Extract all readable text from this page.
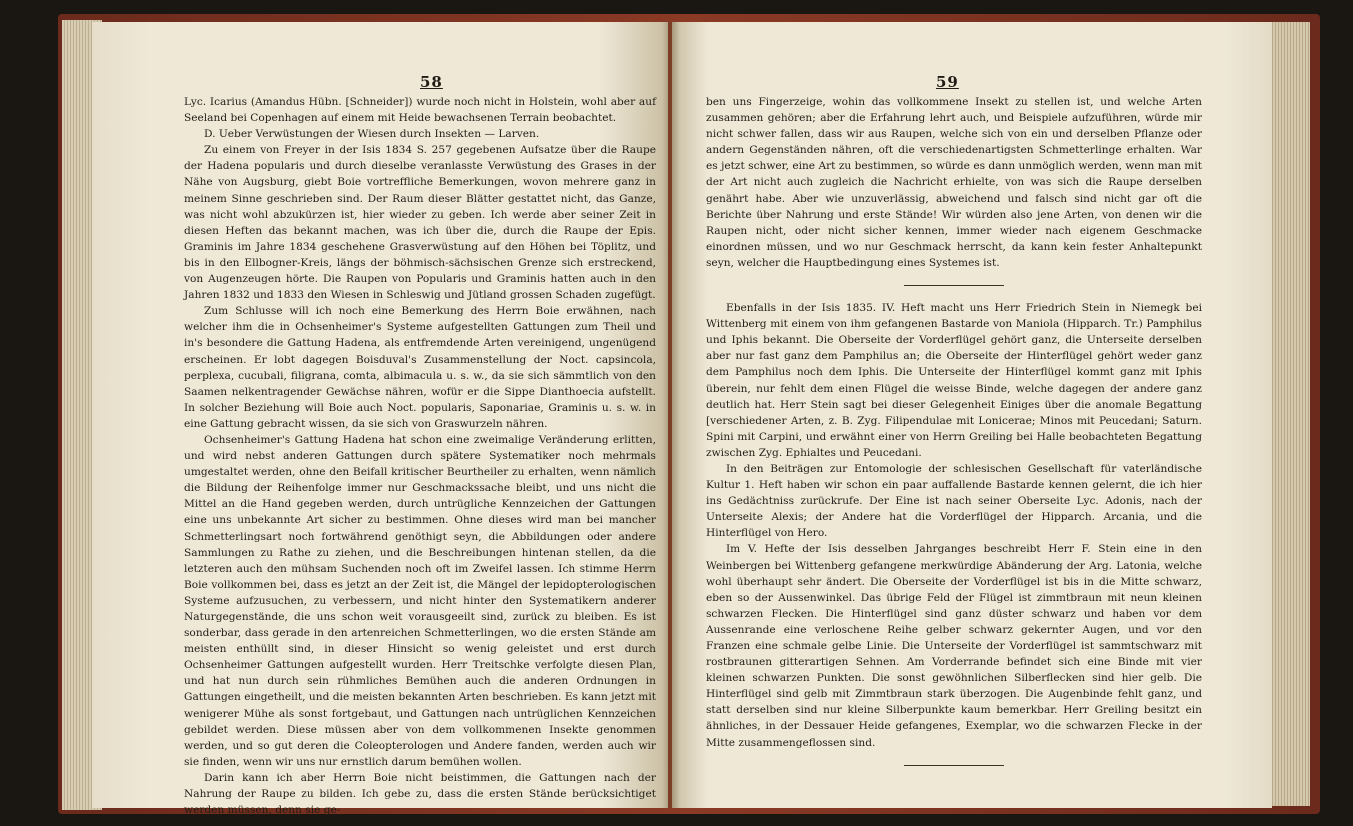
58

Lyc. Icarius (Amandus Hübn. [Schneider]) wurde noch nicht in Holstein, wohl aber auf Seeland bei Copenhagen auf einem mit Heide bewachsenen Terrain beobachtet.

D. Ueber Verwüstungen der Wiesen durch Insekten — Larven.

Zu einem von Freyer in der Isis 1834 S. 257 gegebenen Aufsatze über die Raupe der Hadena popularis und durch dieselbe veranlasste Verwüstung des Grases in der Nähe von Augsburg, giebt Boie vortreffliche Bemerkungen, wovon mehrere ganz in meinem Sinne geschrieben sind. Der Raum dieser Blätter gestattet nicht, das Ganze, was nicht wohl abzukürzen ist, hier wieder zu geben. Ich werde aber seiner Zeit in diesen Heften das bekannt machen, was ich über die, durch die Raupe der Epis. Graminis im Jahre 1834 geschehene Grasverwüstung auf den Höhen bei Töplitz, und bis in den Ellbogner-Kreis, längs der böhmisch-sächsischen Grenze sich erstreckend, von Augenzeugen hörte. Die Raupen von Popularis und Graminis hatten auch in den Jahren 1832 und 1833 den Wiesen in Schleswig und Jütland grossen Schaden zugefügt.

Zum Schlusse will ich noch eine Bemerkung des Herrn Boie erwähnen, nach welcher ihm die in Ochsenheimer's Systeme aufgestellten Gattungen zum Theil und in's besondere die Gattung Hadena, als entfremdende Arten vereinigend, ungenügend erscheinen. Er lobt dagegen Boisduval's Zusammenstellung der Noct. capsincola, perplexa, cucubali, filigrana, comta, albimacula u. s. w., da sie sich sämmtlich von den Saamen nelkentragender Gewächse nähren, wofür er die Sippe Dianthoecia aufstellt. In solcher Beziehung will Boie auch Noct. popularis, Saponariae, Graminis u. s. w. in eine Gattung gebracht wissen, da sie sich von Graswurzeln nähren.

Ochsenheimer's Gattung Hadena hat schon eine zweimalige Veränderung erlitten, und wird nebst anderen Gattungen durch spätere Systematiker noch mehrmals umgestaltet werden, ohne den Beifall kritischer Beurtheiler zu erhalten, wenn nämlich die Bildung der Reihenfolge immer nur Geschmackssache bleibt, und uns nicht die Mittel an die Hand gegeben werden, durch untrügliche Kennzeichen der Gattungen eine uns unbekannte Art sicher zu bestimmen. Ohne dieses wird man bei mancher Schmetterlingsart noch fortwährend genöthigt seyn, die Abbildungen oder andere Sammlungen zu Rathe zu ziehen, und die Beschreibungen hintenan stellen, da die letzteren auch den mühsam Suchenden noch oft im Zweifel lassen. Ich stimme Herrn Boie vollkommen bei, dass es jetzt an der Zeit ist, die Mängel der lepidopterologischen Systeme aufzusuchen, zu verbessern, und nicht hinter den Systematikern anderer Naturgegenstände, die uns schon weit vorausgeeilt sind, zurück zu bleiben. Es ist sonderbar, dass gerade in den artenreichen Schmetterlingen, wo die ersten Stände am meisten enthüllt sind, in dieser Hinsicht so wenig geleistet und erst durch Ochsenheimer Gattungen aufgestellt wurden. Herr Treitschke verfolgte diesen Plan, und hat nun durch sein rühmliches Bemühen auch die anderen Ordnungen in Gattungen eingetheilt, und die meisten bekannten Arten beschrieben. Es kann jetzt mit wenigerer Mühe als sonst fortgebaut, und Gattungen nach untrüglichen Kennzeichen gebildet werden. Diese müssen aber von dem vollkommenen Insekte genommen werden, und so gut deren die Coleopterologen und Andere fanden, werden auch wir sie finden, wenn wir uns nur ernstlich darum bemühen wollen.

Darin kann ich aber Herrn Boie nicht beistimmen, die Gattungen nach der Nahrung der Raupe zu bilden. Ich gebe zu, dass die ersten Stände berücksichtiget werden müssen, denn sie ge-

59

ben uns Fingerzeige, wohin das vollkommene Insekt zu stellen ist, und welche Arten zusammen gehören; aber die Erfahrung lehrt auch, und Beispiele aufzuführen, würde mir nicht schwer fallen, dass wir aus Raupen, welche sich von ein und derselben Pflanze oder andern Gegenständen nähren, oft die verschiedenartigsten Schmetterlinge erhalten. War es jetzt schwer, eine Art zu bestimmen, so würde es dann unmöglich werden, wenn man mit der Art nicht auch zugleich die Nachricht erhielte, von was sich die Raupe derselben genährt habe. Aber wie unzuverlässig, abweichend und falsch sind nicht gar oft die Berichte über Nahrung und erste Stände! Wir würden also jene Arten, von denen wir die Raupen nicht, oder nicht sicher kennen, immer wieder nach eigenem Geschmacke einordnen müssen, und wo nur Geschmack herrscht, da kann kein fester Anhaltepunkt seyn, welcher die Hauptbedingung eines Systemes ist.

Ebenfalls in der Isis 1835. IV. Heft macht uns Herr Friedrich Stein in Niemegk bei Wittenberg mit einem von ihm gefangenen Bastarde von Maniola (Hipparch. Tr.) Pamphilus und Iphis bekannt. Die Oberseite der Vorderflügel gehört ganz, die Unterseite derselben aber nur fast ganz dem Pamphilus an; die Oberseite der Hinterflügel gehört weder ganz dem Pamphilus noch dem Iphis. Die Unterseite der Hinterflügel kommt ganz mit Iphis überein, nur fehlt dem einen Flügel die weisse Binde, welche dagegen der andere ganz deutlich hat. Herr Stein sagt bei dieser Gelegenheit Einiges über die anomale Begattung [verschiedener Arten, z. B. Zyg. Filipendulae mit Lonicerae; Minos mit Peucedani; Saturn. Spini mit Carpini, und erwähnt einer von Herrn Greiling bei Halle beobachteten Begattung zwischen Zyg. Ephialtes und Peucedani.

In den Beiträgen zur Entomologie der schlesischen Gesellschaft für vaterländische Kultur 1. Heft haben wir schon ein paar auffallende Bastarde kennen gelernt, die ich hier ins Gedächtniss zurückrufe. Der Eine ist nach seiner Oberseite Lyc. Adonis, nach der Unterseite Alexis; der Andere hat die Vorderflügel der Hipparch. Arcania, und die Hinterflügel von Hero.

Im V. Hefte der Isis desselben Jahrganges beschreibt Herr F. Stein eine in den Weinbergen bei Wittenberg gefangene merkwürdige Abänderung der Arg. Latonia, welche wohl überhaupt sehr ändert. Die Oberseite der Vorderflügel ist bis in die Mitte schwarz, eben so der Aussenwinkel. Das übrige Feld der Flügel ist zimmtbraun mit neun kleinen schwarzen Flecken. Die Hinterflügel sind ganz düster schwarz und haben vor dem Aussenrande eine verloschene Reihe gelber schwarz gekernter Augen, und vor den Franzen eine schmale gelbe Linie. Die Unterseite der Vorderflügel ist sammtschwarz mit rostbraunen gitterartigen Sehnen. Am Vorderrande befindet sich eine Binde mit vier kleinen schwarzen Punkten. Die sonst gewöhnlichen Silberflecken sind hier gelb. Die Hinterflügel sind gelb mit Zimmtbraun stark überzogen. Die Augenbinde fehlt ganz, und statt derselben sind nur kleine Silberpunkte kaum bemerkbar. Herr Greiling besitzt ein ähnliches, in der Dessauer Heide gefangenes, Exemplar, wo die schwarzen Flecke in der Mitte zusammengeflossen sind.
